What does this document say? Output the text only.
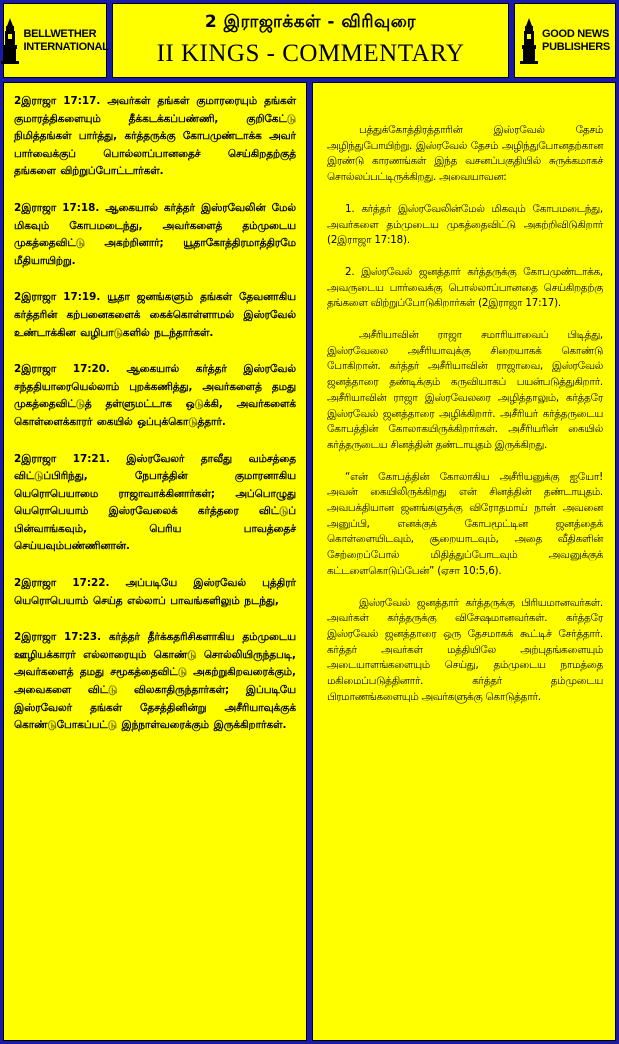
BELLWETHER
INTERNATIONAL
2 இராஜாக்கள் - விரிவுரை
II KINGS - COMMENTARY
GOOD NEWS
PUBLISHERS

2இராஜா 17:17. அவர்கள் தங்கள் குமாரரையும் தங்கள் குமாரத்திகளையும் தீக்கடக்கப்பண்ணி, குறிகேட்டு நிமித்தங்கள் பார்த்து, கர்த்தருக்கு கோபமுண்டாக்க அவர் பார்வைக்குப் பொல்லாப்பானதைச் செய்கிறதற்குத் தங்களை விற்றுப்போட்டார்கள்.

2இராஜா 17:18. ஆகையால் கர்த்தர் இஸ்ரவேலின் மேல் மிகவும் கோபமடைந்து, அவர்களைத் தம்முடைய முகத்தைவிட்டு அகற்றினார்; யூதாகோத்திரமாத்திரமே மீதியாயிற்று.

2இராஜா 17:19. யூதா ஜனங்களும் தங்கள் தேவனாகிய கர்த்தரின் கற்பனைகளைக் கைக்கொள்ளாமல் இஸ்ரவேல் உண்டாக்கின வழிபாடுகளில் நடந்தார்கள்.

2இராஜா 17:20. ஆகையால் கர்த்தர் இஸ்ரவேல் சந்ததியாரையெல்லாம் புறக்கணித்து, அவர்களைத் தமது முகத்தைவிட்டுத் தள்ளுமட்டாக ஒடுக்கி, அவர்களைக் கொள்ளைக்காரர் கையில் ஒப்புக்கொடுத்தார்.

2இராஜா 17:21. இஸ்ரவேலர் தாவீது வம்சத்தை விட்டுப்பிரிந்து, நேபாத்தின் குமாரனாகிய யெரொபெயாமை ராஜாவாக்கினார்கள்; அப்பொழுது யெரொபெயாம் இஸ்ரவேலைக் கர்த்தரை விட்டுப் பின்வாங்கவும், பெரிய பாவத்தைச் செய்யவும்பண்ணினான்.

2இராஜா 17:22. அப்படியே இஸ்ரவேல் புத்திரர் யெரொபெயாம் செய்த எல்லாப் பாவங்களிலும் நடந்து,

2இராஜா 17:23. கர்த்தர் தீர்க்கதரிசிகளாகிய தம்முடைய ஊழியக்காரர் எல்லாரையும் கொண்டு சொல்லியிருந்தபடி, அவர்களைத் தமது சமூகத்தைவிட்டு அகற்றுகிறவரைக்கும், அவைகளை விட்டு விலகாதிருந்தார்கள்; இப்படியே இஸ்ரவேலர் தங்கள் தேசத்தினின்று அசீரியாவுக்குக் கொண்டுபோகப்பட்டு இந்நாள்வரைக்கும் இருக்கிறார்கள்.

பத்துக்கோத்திரத்தாரின் இஸ்ரவேல் தேசம் அழிந்துபோயிற்று. இஸ்ரவேல் தேசம் அழிந்துபோனதற்கான இரண்டு காரணங்கள் இந்த வசனப்பகுதியில் சுருக்கமாகச் சொல்லப்பட்டிருக்கிறது. அவையாவன:

1. கர்த்தர் இஸ்ரவேலின்மேல் மிகவும் கோபமடைந்து, அவர்களை தம்முடைய முகத்தைவிட்டு அகற்றிவிடுகிறார் (2இராஜா 17:18).

2. இஸ்ரவேல் ஜனத்தார் கர்த்தருக்கு கோபமுண்டாக்க, அவருடைய பார்வைக்கு பொல்லாப்பானதை செய்கிறதற்கு தங்களை விற்றுப்போடுகிறார்கள் (2இராஜா 17:17).

அசீரியாவின் ராஜா சமாரியாவைப் பிடித்து, இஸ்ரவேலை அசீரியாவுக்கு சிறையாகக் கொண்டு போகிறான். கர்த்தர் அசீரியாவின் ராஜாவை, இஸ்ரவேல் ஜனத்தாரை தண்டிக்கும் கருவியாகப் பயன்படுத்துகிறார். அசீரியாவின் ராஜா இஸ்ரவேலரை அழித்தாலும், கர்த்தரே இஸ்ரவேல் ஜனத்தாரை அழிக்கிறார். அசீரியர் கர்த்தருடைய கோபத்தின் கோலாகயிருக்கிறார்கள். அசீரியரின் கையில் கர்த்தருடைய சினத்தின் தண்டாயுதம் இருக்கிறது.

“என் கோபத்தின் கோலாகிய அசீரியனுக்கு ஐயோ! அவன் கையிலிருக்கிறது என் சினத்தின் தண்டாயுதம். அவபக்தியான ஜனங்களுக்கு விரோதமாய் நான் அவனை அனுப்பி, எனக்குக் கோபமூட்டின ஜனத்தைக் கொள்ளையிடவும், சூறையாடவும், அதை வீதிகளின் சேற்றைப்போல் மிதித்துப்போடவும் அவனுக்குக் கட்டளைகொடுப்பேன்” (ஏசா 10:5,6).

இஸ்ரவேல் ஜனத்தார் கர்த்தருக்கு பிரியமானவர்கள். அவர்கள் கர்த்தருக்கு விசேஷமானவர்கள். கர்த்தரே இஸ்ரவேல் ஜனத்தாரை ஒரு தேசமாகக் கூட்டிச் சேர்த்தார். கர்த்தர் அவர்கள் மத்தியிலே அற்புதங்களையும் அடையாளங்களையும் செய்து, தம்முடைய நாமத்தை மகிமைப்படுத்தினார். கர்த்தர் தம்முடைய பிரமாணங்களையும் அவர்களுக்கு கொடுத்தார்.
